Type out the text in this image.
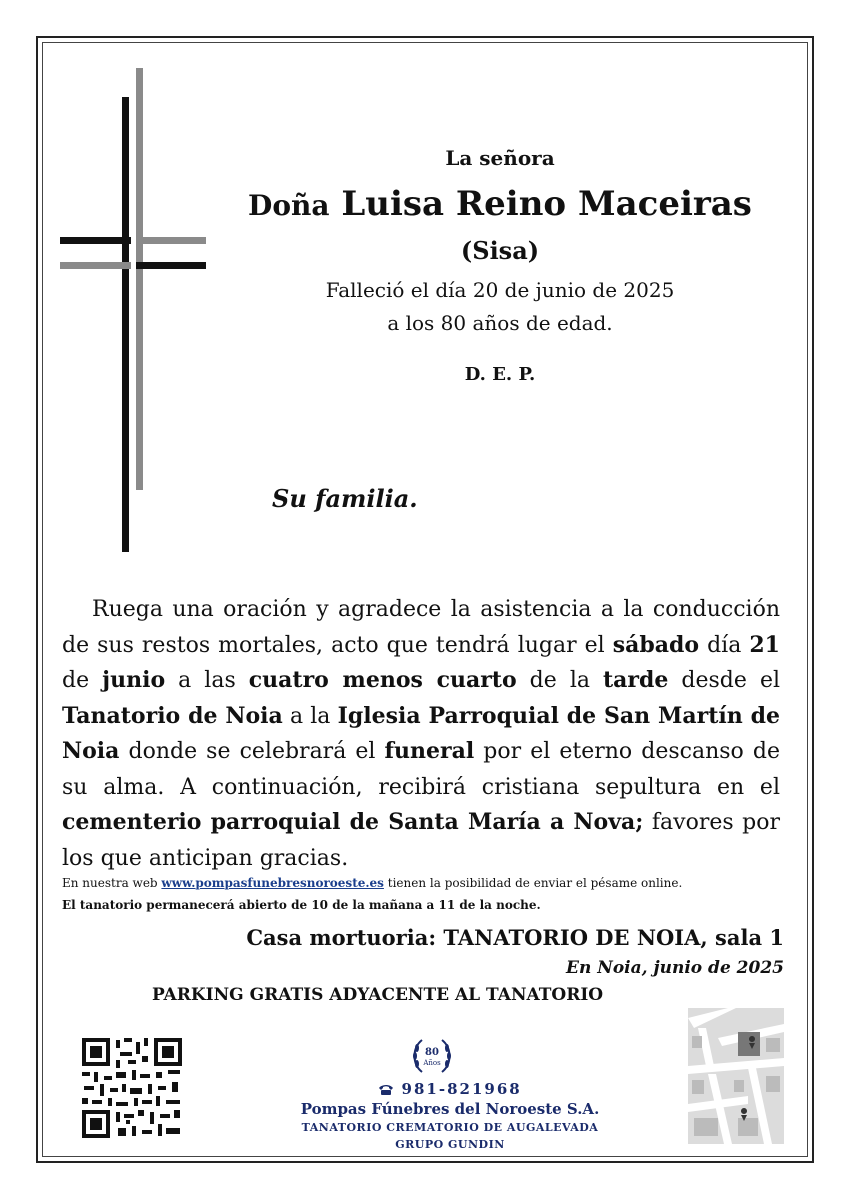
La señora
Doña Luisa Reino Maceiras
(Sisa)
Falleció el día 20 de junio de 2025
a los 80 años de edad.
D. E. P.
Su familia.
Ruega una oración y agradece la asistencia a la conducción de sus restos mortales, acto que tendrá lugar el sábado día 21 de junio a las cuatro menos cuarto de la tarde desde el Tanatorio de Noia a la Iglesia Parroquial de San Martín de Noia donde se celebrará el funeral por el eterno descanso de su alma. A continuación, recibirá cristiana sepultura en el cementerio parroquial de Santa María a Nova; favores por los que anticipan gracias.
En nuestra web www.pompasfunebresnoroeste.es tienen la posibilidad de enviar el pésame online.
El tanatorio permanecerá abierto de 10 de la mañana a 11 de la noche.
Casa mortuoria: TANATORIO DE NOIA, sala 1
En Noia, junio de 2025
PARKING GRATIS ADYACENTE AL TANATORIO
80
Años
981-821968
Pompas Fúnebres del Noroeste S.A.
TANATORIO CREMATORIO DE AUGALEVADA
GRUPO GUNDIN
